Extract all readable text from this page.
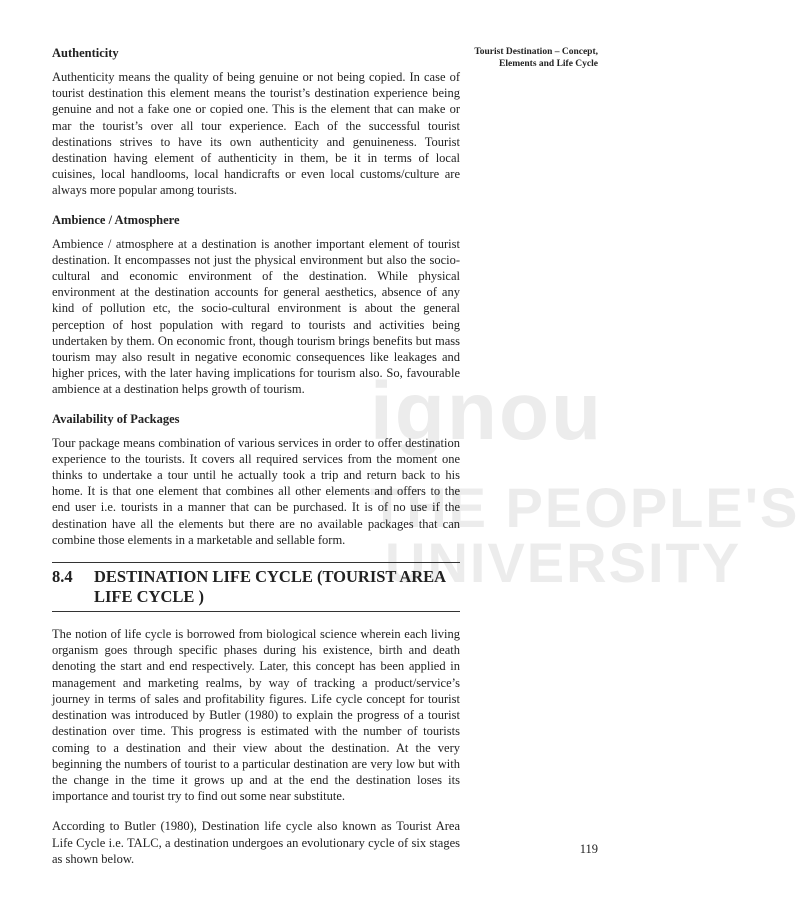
ignou
THE PEOPLE'S
UNIVERSITY
Tourist Destination – Concept, Elements and Life Cycle
Authenticity

Authenticity means the quality of being genuine or not being copied. In case of tourist destination this element means the tourist’s destination experience being genuine and not a fake one or copied one. This is the element that can make or mar the tourist’s over all tour experience. Each of the successful tourist destinations strives to have its own authenticity and genuineness. Tourist destination having element of authenticity in them, be it in terms of local cuisines, local handlooms, local handicrafts or even local customs/culture are always more popular among tourists.

Ambience / Atmosphere

Ambience / atmosphere at a destination is another important element of tourist destination. It encompasses not just the physical environment but also the socio-cultural and economic environment of the destination. While physical environment at the destination accounts for general aesthetics, absence of any kind of pollution etc, the socio-cultural environment is about the general perception of host population with regard to tourists and activities being undertaken by them. On economic front, though tourism brings benefits but mass tourism may also result in negative economic consequences like leakages and higher prices, with the later having implications for tourism also. So, favourable ambience at a destination helps growth of tourism.

Availability of Packages

Tour package means combination of various services in order to offer destination experience to the tourists. It covers all required services from the moment one thinks to undertake a tour until he actually took a trip and return back to his home. It is that one element that combines all other elements and offers to the end user i.e. tourists in a manner that can be purchased. It is of no use if the destination have all the elements but there are no available packages that can combine those elements in a marketable and sellable form.

8.4	DESTINATION LIFE CYCLE (TOURIST AREA LIFE CYCLE )

The notion of life cycle is borrowed from biological science wherein each living organism goes through specific phases during his existence, birth and death denoting the start and end respectively. Later, this concept has been applied in management and marketing realms, by way of tracking a product/service’s journey in terms of sales and profitability figures. Life cycle concept for tourist destination was introduced by Butler (1980) to explain the progress of a tourist destination over time. This progress is estimated with the number of tourists coming to a destination and their view about the destination. At the very beginning the numbers of tourist to a particular destination are very low but with the change in the time it grows up and at the end the destination loses its importance and tourist try to find out some near substitute.

According to Butler (1980), Destination life cycle also known as Tourist Area Life Cycle i.e. TALC, a destination undergoes an evolutionary cycle of six stages as shown below.

119
